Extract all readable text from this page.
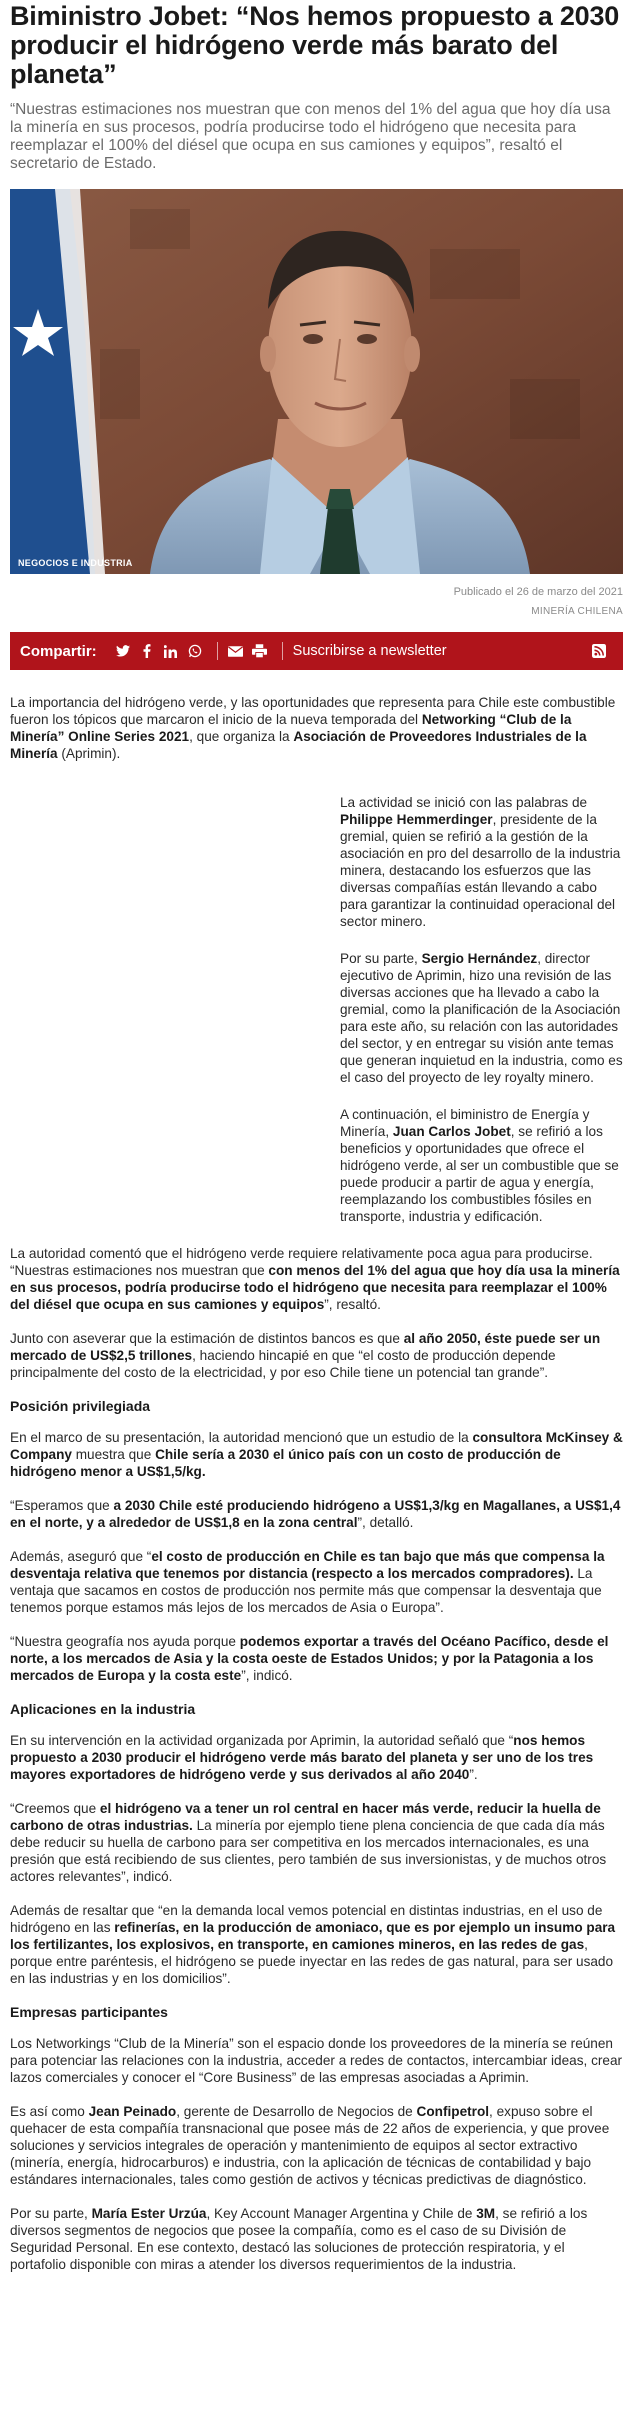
Biministro Jobet: “Nos hemos propuesto a 2030 producir el hidrógeno verde más barato del planeta”

“Nuestras estimaciones nos muestran que con menos del 1% del agua que hoy día usa la minería en sus procesos, podría producirse todo el hidrógeno que necesita para reemplazar el 100% del diésel que ocupa en sus camiones y equipos”, resaltó el secretario de Estado.

NEGOCIOS E INDUSTRIA
Publicado el 26 de marzo del 2021
MINERÍA CHILENA
Compartir:	Suscribirse a newsletter

La importancia del hidrógeno verde, y las oportunidades que representa para Chile este combustible fueron los tópicos que marcaron el inicio de la nueva temporada del Networking “Club de la Minería” Online Series 2021, que organiza la Asociación de Proveedores Industriales de la Minería (Aprimin).

La actividad se inició con las palabras de Philippe Hemmerdinger, presidente de la gremial, quien se refirió a la gestión de la asociación en pro del desarrollo de la industria minera, destacando los esfuerzos que las diversas compañías están llevando a cabo para garantizar la continuidad operacional del sector minero.

Por su parte, Sergio Hernández, director ejecutivo de Aprimin, hizo una revisión de las diversas acciones que ha llevado a cabo la gremial, como la planificación de la Asociación para este año, su relación con las autoridades del sector, y en entregar su visión ante temas que generan inquietud en la industria, como es el caso del proyecto de ley royalty minero.

A continuación, el biministro de Energía y Minería, Juan Carlos Jobet, se refirió a los beneficios y oportunidades que ofrece el hidrógeno verde, al ser un combustible que se puede producir a partir de agua y energía, reemplazando los combustibles fósiles en transporte, industria y edificación.

La autoridad comentó que el hidrógeno verde requiere relativamente poca agua para producirse. “Nuestras estimaciones nos muestran que con menos del 1% del agua que hoy día usa la minería en sus procesos, podría producirse todo el hidrógeno que necesita para reemplazar el 100% del diésel que ocupa en sus camiones y equipos”, resaltó.

Junto con aseverar que la estimación de distintos bancos es que al año 2050, éste puede ser un mercado de US$2,5 trillones, haciendo hincapié en que “el costo de producción depende principalmente del costo de la electricidad, y por eso Chile tiene un potencial tan grande”.

Posición privilegiada

En el marco de su presentación, la autoridad mencionó que un estudio de la consultora McKinsey & Company muestra que Chile sería a 2030 el único país con un costo de producción de hidrógeno menor a US$1,5/kg.

“Esperamos que a 2030 Chile esté produciendo hidrógeno a US$1,3/kg en Magallanes, a US$1,4 en el norte, y a alrededor de US$1,8 en la zona central”, detalló.

Además, aseguró que “el costo de producción en Chile es tan bajo que más que compensa la desventaja relativa que tenemos por distancia (respecto a los mercados compradores). La ventaja que sacamos en costos de producción nos permite más que compensar la desventaja que tenemos porque estamos más lejos de los mercados de Asia o Europa”.

“Nuestra geografía nos ayuda porque podemos exportar a través del Océano Pacífico, desde el norte, a los mercados de Asia y la costa oeste de Estados Unidos; y por la Patagonia a los mercados de Europa y la costa este”, indicó.

Aplicaciones en la industria

En su intervención en la actividad organizada por Aprimin, la autoridad señaló que “nos hemos propuesto a 2030 producir el hidrógeno verde más barato del planeta y ser uno de los tres mayores exportadores de hidrógeno verde y sus derivados al año 2040”.

“Creemos que el hidrógeno va a tener un rol central en hacer más verde, reducir la huella de carbono de otras industrias. La minería por ejemplo tiene plena conciencia de que cada día más debe reducir su huella de carbono para ser competitiva en los mercados internacionales, es una presión que está recibiendo de sus clientes, pero también de sus inversionistas, y de muchos otros actores relevantes”, indicó.

Además de resaltar que “en la demanda local vemos potencial en distintas industrias, en el uso de hidrógeno en las refinerías, en la producción de amoniaco, que es por ejemplo un insumo para los fertilizantes, los explosivos, en transporte, en camiones mineros, en las redes de gas, porque entre paréntesis, el hidrógeno se puede inyectar en las redes de gas natural, para ser usado en las industrias y en los domicilios”.

Empresas participantes

Los Networkings “Club de la Minería” son el espacio donde los proveedores de la minería se reúnen para potenciar las relaciones con la industria, acceder a redes de contactos, intercambiar ideas, crear lazos comerciales y conocer el “Core Business” de las empresas asociadas a Aprimin.

Es así como Jean Peinado, gerente de Desarrollo de Negocios de Confipetrol, expuso sobre el quehacer de esta compañía transnacional que posee más de 22 años de experiencia, y que provee soluciones y servicios integrales de operación y mantenimiento de equipos al sector extractivo (minería, energía, hidrocarburos) e industria, con la aplicación de técnicas de contabilidad y bajo estándares internacionales, tales como gestión de activos y técnicas predictivas de diagnóstico.

Por su parte, María Ester Urzúa, Key Account Manager Argentina y Chile de 3M, se refirió a los diversos segmentos de negocios que posee la compañía, como es el caso de su División de Seguridad Personal. En ese contexto, destacó las soluciones de protección respiratoria, y el portafolio disponible con miras a atender los diversos requerimientos de la industria.
